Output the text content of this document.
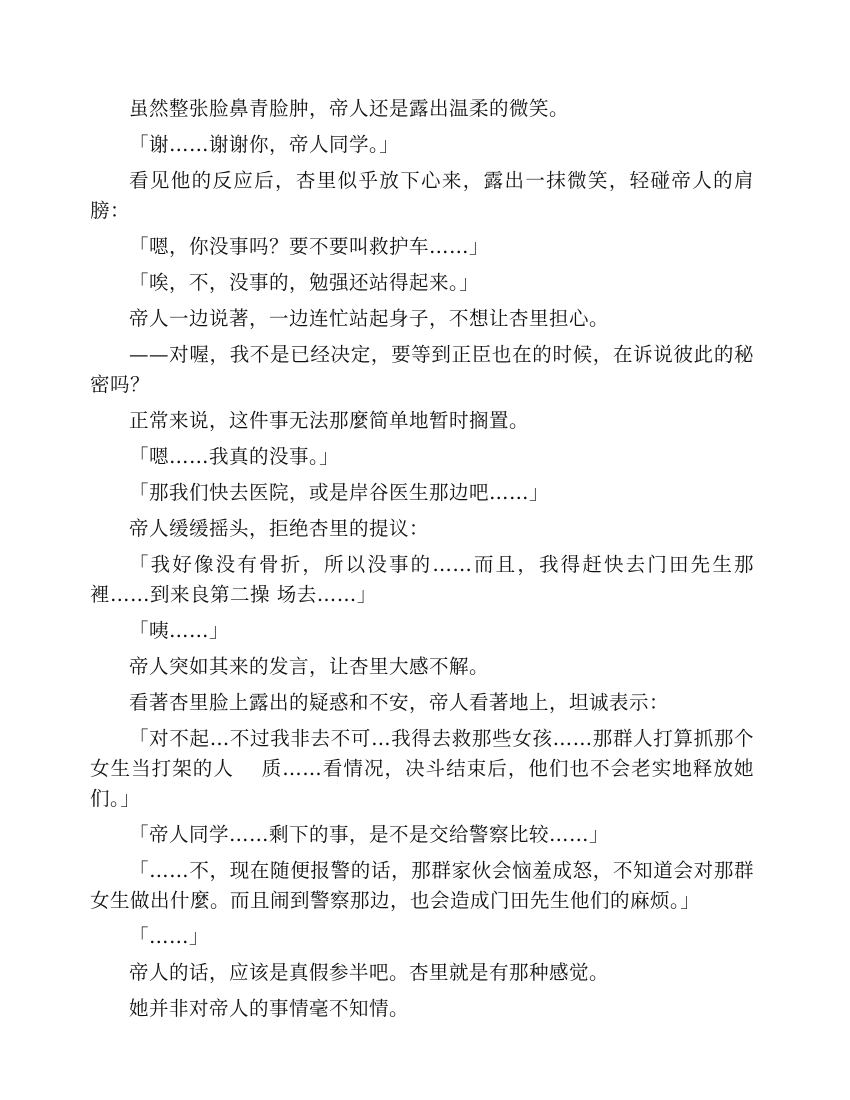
虽然整张脸鼻青脸肿，帝人还是露出温柔的微笑。

「谢……谢谢你，帝人同学。」

看见他的反应后，杏里似乎放下心来，露出一抹微笑，轻碰帝人的肩膀：

「嗯，你没事吗？要不要叫救护车……」

「唉，不，没事的，勉强还站得起来。」

帝人一边说著，一边连忙站起身子，不想让杏里担心。

——对喔，我不是已经决定，要等到正臣也在的时候，在诉说彼此的秘密吗？

正常来说，这件事无法那麼简单地暂时搁置。

「嗯……我真的没事。」

「那我们快去医院，或是岸谷医生那边吧……」

帝人缓缓摇头，拒绝杏里的提议：

「我好像没有骨折，所以没事的……而且，我得赶快去门田先生那裡……到来良第二操 场去……」

「咦……」

帝人突如其来的发言，让杏里大感不解。

看著杏里脸上露出的疑惑和不安，帝人看著地上，坦诚表示：

「对不起…不过我非去不可…我得去救那些女孩……那群人打算抓那个女生当打架的人　 质……看情况，决斗结束后，他们也不会老实地释放她们。」

「帝人同学……剩下的事，是不是交给警察比较……」

「……不，现在随便报警的话，那群家伙会恼羞成怒，不知道会对那群女生做出什麼。而且闹到警察那边，也会造成门田先生他们的麻烦。」

「……」

帝人的话，应该是真假参半吧。杏里就是有那种感觉。

她并非对帝人的事情毫不知情。
